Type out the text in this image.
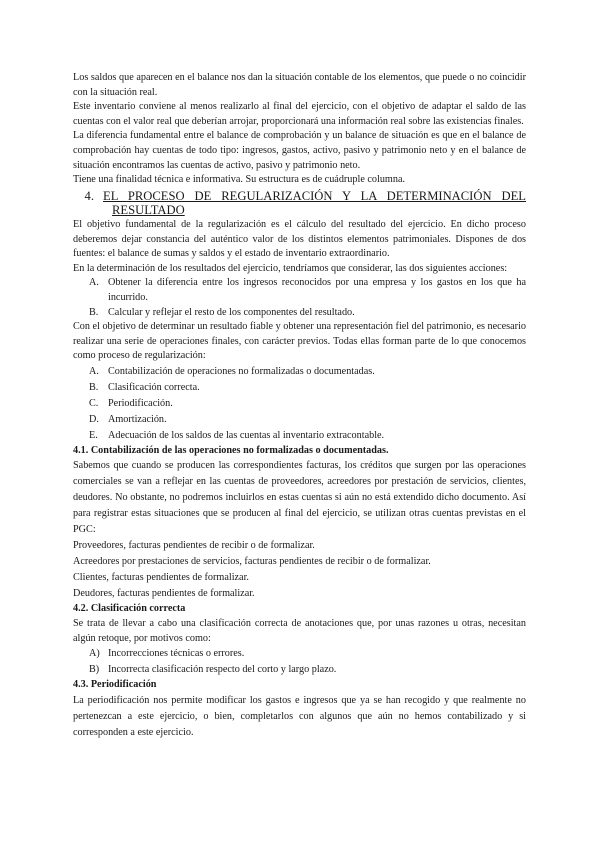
Los saldos que aparecen en el balance nos dan la situación contable de los elementos, que puede o no coincidir con la situación real.

Este inventario conviene al menos realizarlo al final del ejercicio, con el objetivo de adaptar el saldo de las cuentas con el valor real que deberían arrojar, proporcionará una información real sobre las existencias finales.

La diferencia fundamental entre el balance de comprobación y un balance de situación es que en el balance de comprobación hay cuentas de todo tipo: ingresos, gastos, activo, pasivo y patrimonio neto y en el balance de situación encontramos las cuentas de activo, pasivo y patrimonio neto.

Tiene una finalidad técnica e informativa. Su estructura es de cuádruple columna.

4. EL PROCESO DE REGULARIZACIÓN Y LA DETERMINACIÓN DEL
RESULTADO

El objetivo fundamental de la regularización es el cálculo del resultado del ejercicio. En dicho proceso deberemos dejar constancia del auténtico valor de los distintos elementos patrimoniales. Dispones de dos fuentes: el balance de sumas y saldos y el estado de inventario extraordinario.

En la determinación de los resultados del ejercicio, tendríamos que considerar, las dos siguientes acciones:

A. Obtener la diferencia entre los ingresos reconocidos por una empresa y los gastos en los que ha incurrido.
B. Calcular y reflejar el resto de los componentes del resultado.

Con el objetivo de determinar un resultado fiable y obtener una representación fiel del patrimonio, es necesario realizar una serie de operaciones finales, con carácter previos. Todas ellas forman parte de lo que conocemos como proceso de regularización:

A. Contabilización de operaciones no formalizadas o documentadas.
B. Clasificación correcta.
C. Periodificación.
D. Amortización.
E.	Adecuación de los saldos de las cuentas al inventario extracontable.

4.1. Contabilización de las operaciones no formalizadas o documentadas.

Sabemos que cuando se producen las correspondientes facturas, los créditos que surgen por las operaciones comerciales se van a reflejar en las cuentas de proveedores, acreedores por prestación de servicios, clientes, deudores. No obstante, no podremos incluirlos en estas cuentas si aún no está extendido dicho documento. Así para registrar estas situaciones que se producen al final del ejercicio, se utilizan otras cuentas previstas en el PGC:

Proveedores, facturas pendientes de recibir o de formalizar.

Acreedores por prestaciones de servicios, facturas pendientes de recibir o de formalizar.

Clientes, facturas pendientes de formalizar.

Deudores, facturas pendientes de formalizar.

4.2. Clasificación correcta

Se trata de llevar a cabo una clasificación correcta de anotaciones que, por unas razones u otras, necesitan algún retoque, por motivos como:

A) Incorrecciones técnicas o errores.
B) Incorrecta clasificación respecto del corto y largo plazo.

4.3. Periodificación

La periodificación nos permite modificar los gastos e ingresos que ya se han recogido y que realmente no pertenezcan a este ejercicio, o bien, completarlos con algunos que aún no hemos contabilizado y si corresponden a este ejercicio.
